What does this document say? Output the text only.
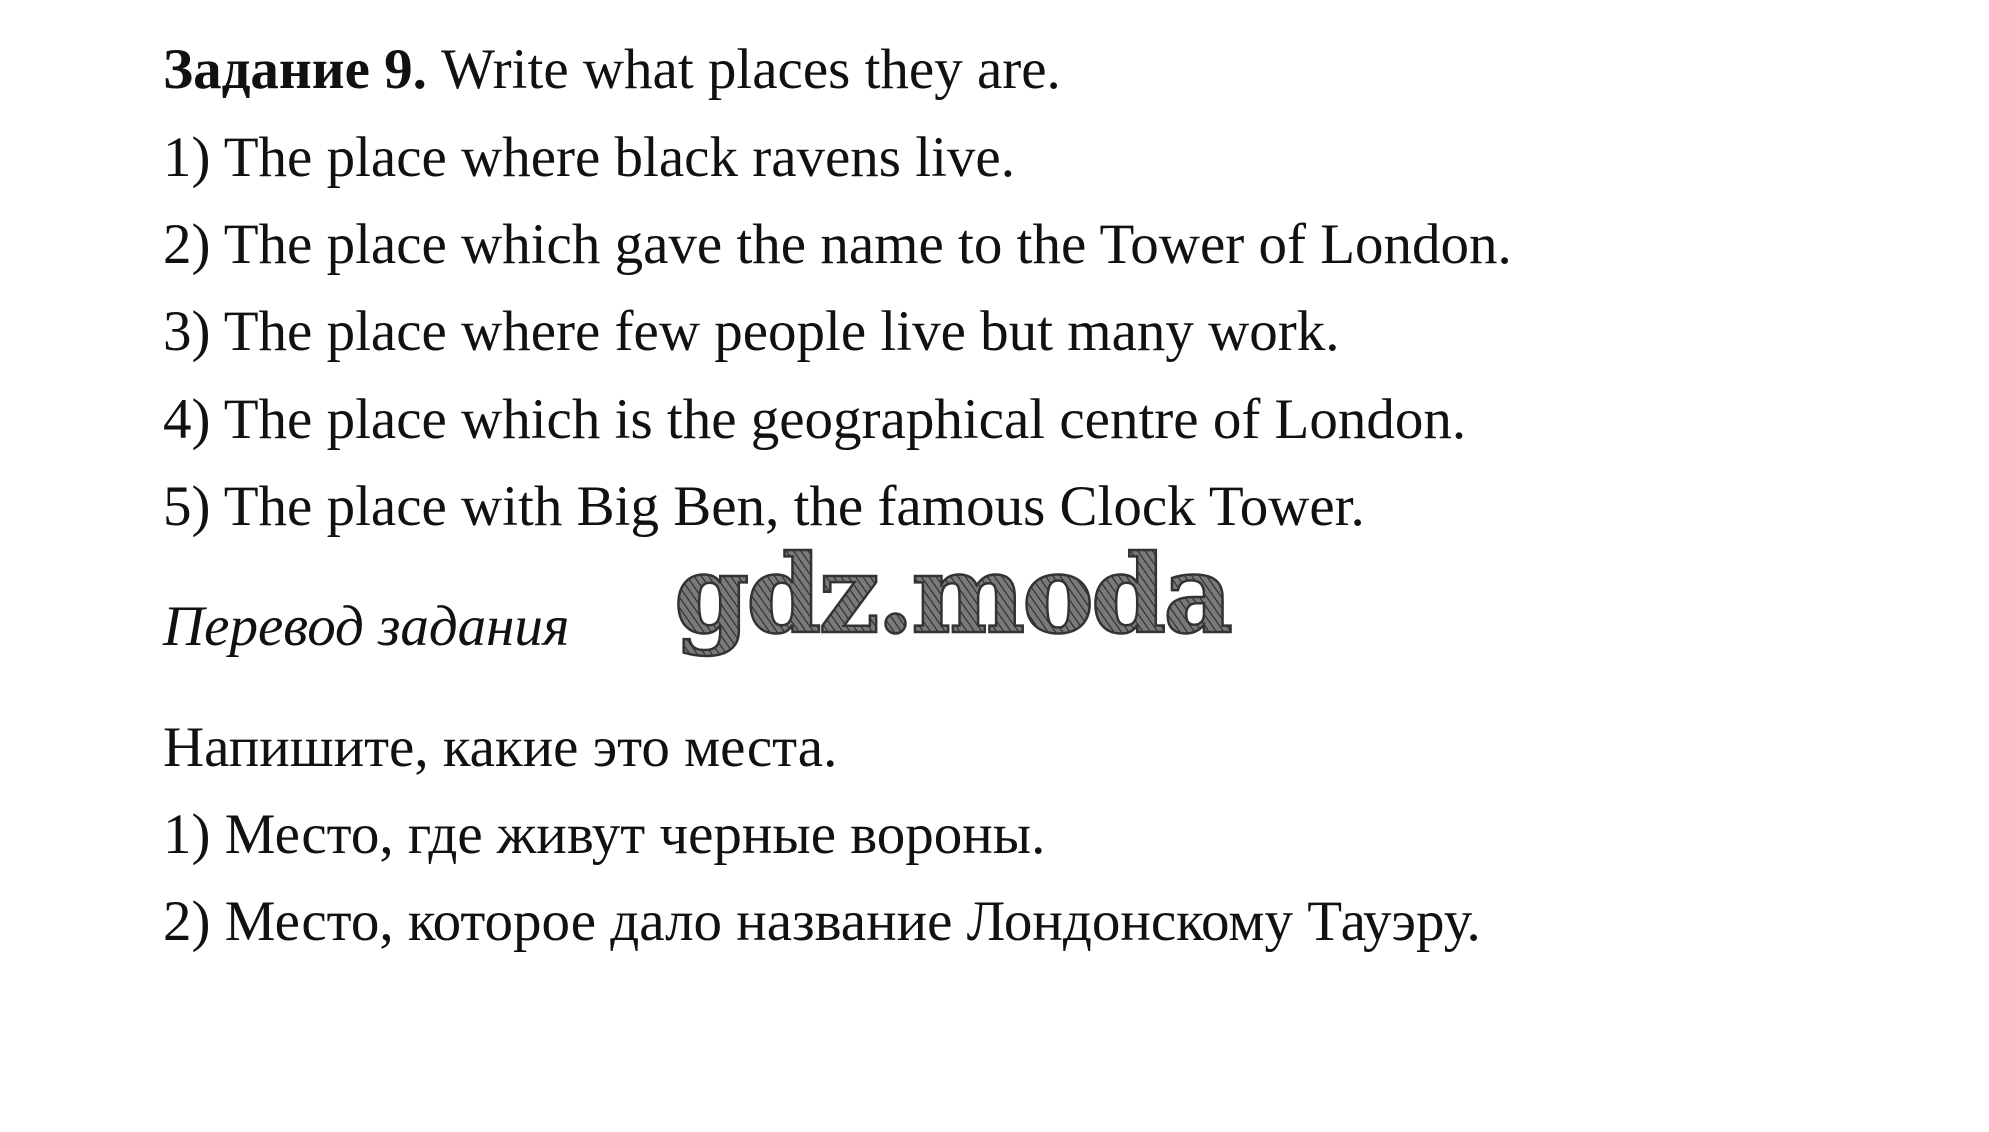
Задание 9. Write what places they are.
1) The place where black ravens live.
2) The place which gave the name to the Tower of London.
3) The place where few people live but many work.
4) The place which is the geographical centre of London.
5) The place with Big Ben, the famous Clock Tower.
Перевод задания gdz.moda
Напишите, какие это места.
1) Место, где живут черные вороны.
2) Место, которое дало название Лондонскому Тауэру.
